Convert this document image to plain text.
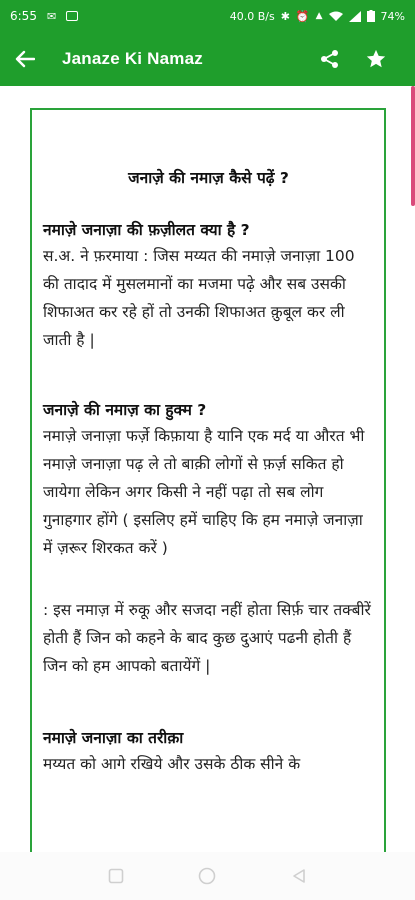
6:55 ✉	40.0 B/s ✱ ⏰ ▲	74%
Janaze Ki Namaz
जनाज़े की नमाज़ कैसे पढ़ें ?
नमाज़े जनाज़ा की फ़ज़ीलत क्या है ?
स.अ. ने फ़रमाया : जिस मय्यत की नमाज़े जनाज़ा 100 की तादाद में मुसलमानों का मजमा पढ़े और सब उसकी शिफाअत कर रहे हों तो उनकी शिफाअत क़ुबूल कर ली जाती है |
जनाज़े की नमाज़ का हुक्म ?
नमाज़े जनाज़ा फर्ज़े किफ़ाया है यानि एक मर्द या औरत भी नमाज़े जनाज़ा पढ़ ले तो बाक़ी लोगों से फ़र्ज़ सकित हो जायेगा लेकिन अगर किसी ने नहीं पढ़ा तो सब लोग गुनाहगार होंगे ( इसलिए हमें चाहिए कि हम नमाज़े जनाज़ा में ज़रूर शिरकत करें )
: इस नमाज़ में रुकू और सजदा नहीं होता सिर्फ़ चार तक्बीरें होती हैं जिन को कहने के बाद कुछ दुआएं पढनी होती हैं जिन को हम आपको बतायेंगें |
नमाज़े जनाज़ा का तरीक़ा
मय्यत को आगे रखिये और उसके ठीक सीने के
